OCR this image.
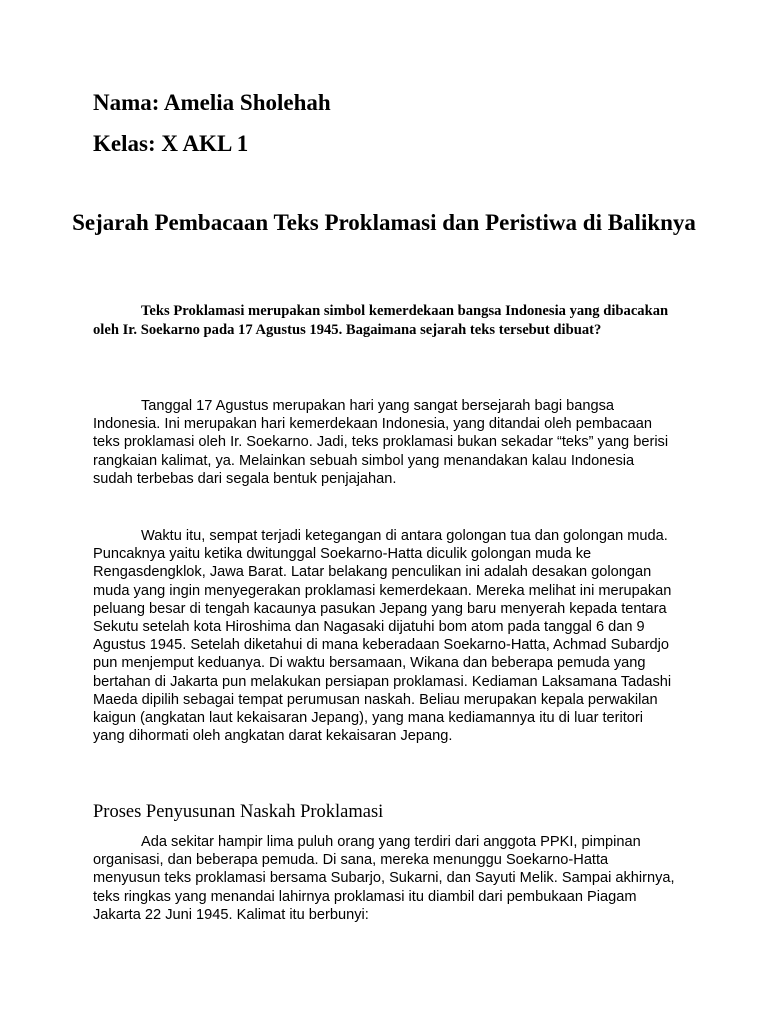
Nama: Amelia Sholehah
Kelas: X AKL 1
Sejarah Pembacaan Teks Proklamasi dan Peristiwa di Baliknya

Teks Proklamasi merupakan simbol kemerdekaan bangsa Indonesia yang dibacakan oleh Ir. Soekarno pada 17 Agustus 1945. Bagaimana sejarah teks tersebut dibuat?

Tanggal 17 Agustus merupakan hari yang sangat bersejarah bagi bangsa Indonesia. Ini merupakan hari kemerdekaan Indonesia, yang ditandai oleh pembacaan teks proklamasi oleh Ir. Soekarno. Jadi, teks proklamasi bukan sekadar “teks” yang berisi rangkaian kalimat, ya. Melainkan sebuah simbol yang menandakan kalau Indonesia sudah terbebas dari segala bentuk penjajahan.

Waktu itu, sempat terjadi ketegangan di antara golongan tua dan golongan muda. Puncaknya yaitu ketika dwitunggal Soekarno-Hatta diculik golongan muda ke Rengasdengklok, Jawa Barat. Latar belakang penculikan ini adalah desakan golongan muda yang ingin menyegerakan proklamasi kemerdekaan. Mereka melihat ini merupakan peluang besar di tengah kacaunya pasukan Jepang yang baru menyerah kepada tentara Sekutu setelah kota Hiroshima dan Nagasaki dijatuhi bom atom pada tanggal 6 dan 9 Agustus 1945. Setelah diketahui di mana keberadaan Soekarno-Hatta, Achmad Subardjo pun menjemput keduanya. Di waktu bersamaan, Wikana dan beberapa pemuda yang bertahan di Jakarta pun melakukan persiapan proklamasi. Kediaman Laksamana Tadashi Maeda dipilih sebagai tempat perumusan naskah. Beliau merupakan kepala perwakilan kaigun (angkatan laut kekaisaran Jepang), yang mana kediamannya itu di luar teritori yang dihormati oleh angkatan darat kekaisaran Jepang.

Proses Penyusunan Naskah Proklamasi

Ada sekitar hampir lima puluh orang yang terdiri dari anggota PPKI, pimpinan organisasi, dan beberapa pemuda. Di sana, mereka menunggu Soekarno-Hatta menyusun teks proklamasi bersama Subarjo, Sukarni, dan Sayuti Melik. Sampai akhirnya, teks ringkas yang menandai lahirnya proklamasi itu diambil dari pembukaan Piagam Jakarta 22 Juni 1945. Kalimat itu berbunyi:
